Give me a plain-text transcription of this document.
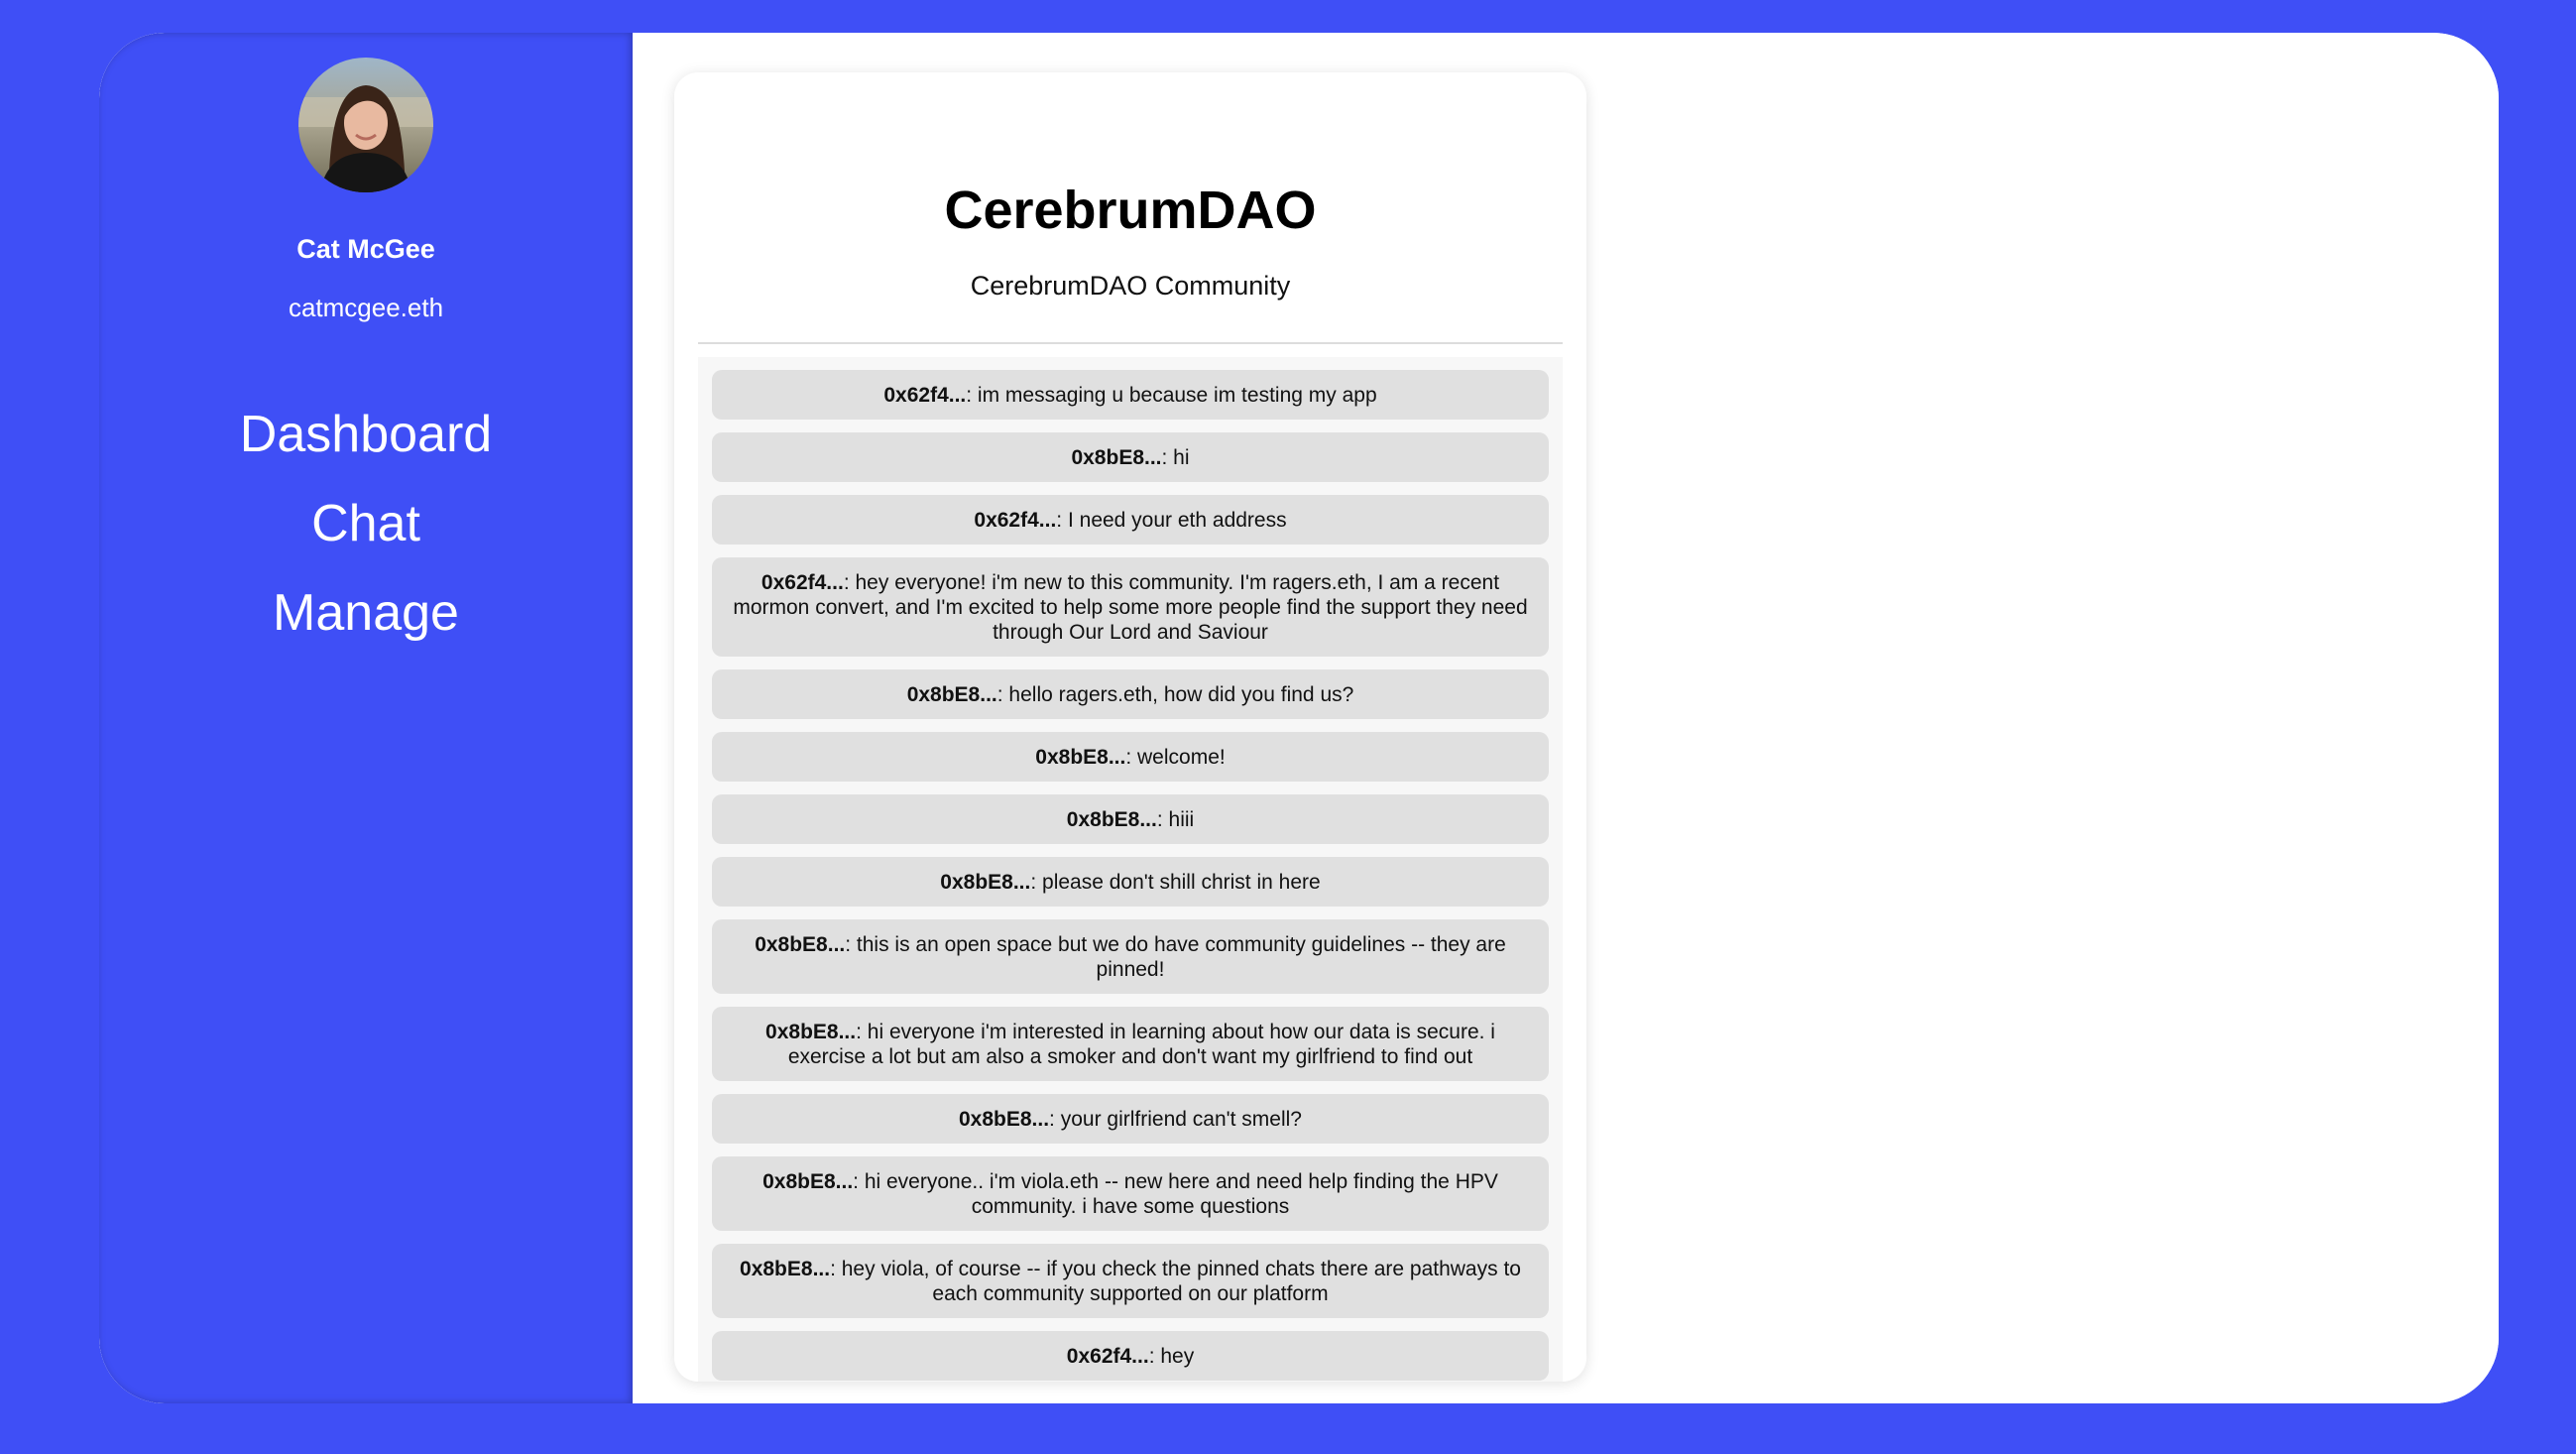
Cat McGee
catmcgee.eth
Dashboard
Chat
Manage
CerebrumDAO
CerebrumDAO Community
0x62f4...: im messaging u because im testing my app
0x8bE8...: hi
0x62f4...: I need your eth address
0x62f4...: hey everyone! i'm new to this community. I'm ragers.eth, I am a recent mormon convert, and I'm excited to help some more people find the support they need through Our Lord and Saviour
0x8bE8...: hello ragers.eth, how did you find us?
0x8bE8...: welcome!
0x8bE8...: hiii
0x8bE8...: please don't shill christ in here
0x8bE8...: this is an open space but we do have community guidelines -- they are pinned!
0x8bE8...: hi everyone i'm interested in learning about how our data is secure. i exercise a lot but am also a smoker and don't want my girlfriend to find out
0x8bE8...: your girlfriend can't smell?
0x8bE8...: hi everyone.. i'm viola.eth -- new here and need help finding the HPV community. i have some questions
0x8bE8...: hey viola, of course -- if you check the pinned chats there are pathways to each community supported on our platform
0x62f4...: hey
